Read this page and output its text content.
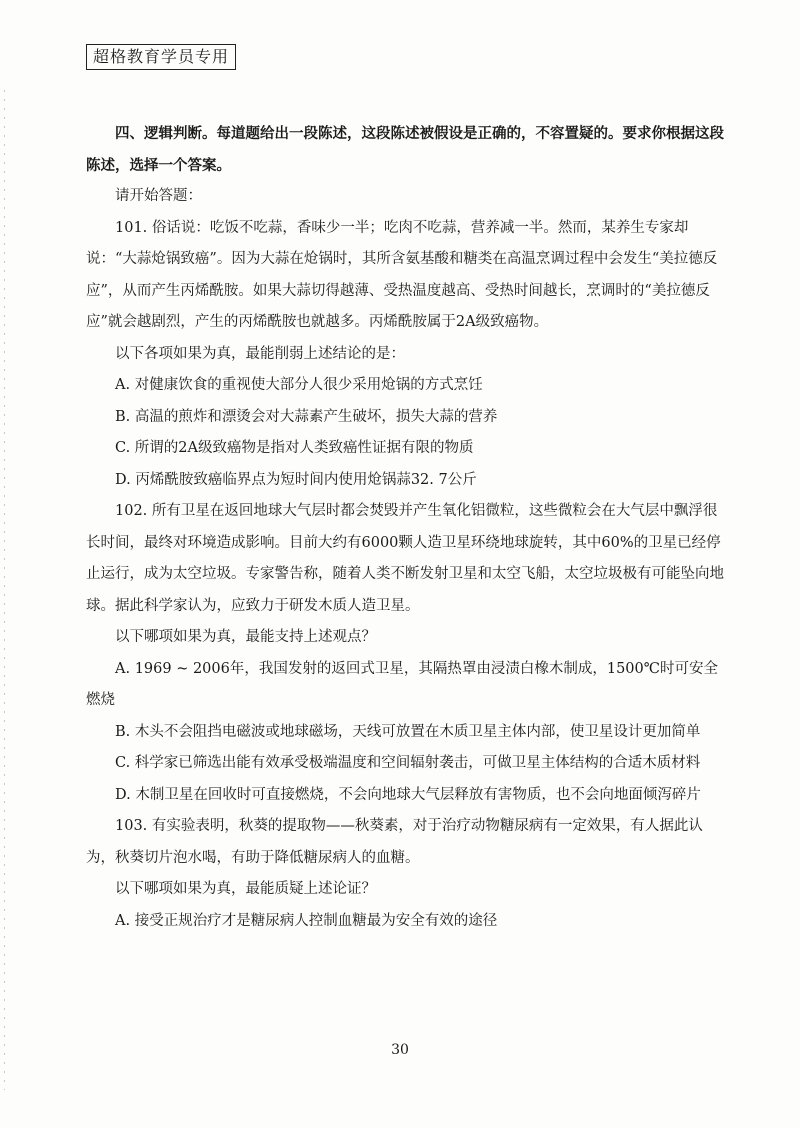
超格教育学员专用

四、逻辑判断。每道题给出一段陈述，这段陈述被假设是正确的，不容置疑的。要求你根据这段陈述，选择一个答案。

请开始答题：

101. 俗话说：吃饭不吃蒜，香味少一半；吃肉不吃蒜，营养减一半。然而，某养生专家却说：“大蒜炝锅致癌”。因为大蒜在炝锅时，其所含氨基酸和糖类在高温烹调过程中会发生“美拉德反应”，从而产生丙烯酰胺。如果大蒜切得越薄、受热温度越高、受热时间越长，烹调时的“美拉德反应”就会越剧烈，产生的丙烯酰胺也就越多。丙烯酰胺属于2A级致癌物。

以下各项如果为真，最能削弱上述结论的是：

A. 对健康饮食的重视使大部分人很少采用炝锅的方式烹饪

B. 高温的煎炸和漂烫会对大蒜素产生破坏，损失大蒜的营养

C. 所谓的2A级致癌物是指对人类致癌性证据有限的物质

D. 丙烯酰胺致癌临界点为短时间内使用炝锅蒜32. 7公斤

102. 所有卫星在返回地球大气层时都会焚毁并产生氧化铝微粒，这些微粒会在大气层中飘浮很长时间，最终对环境造成影响。目前大约有6000颗人造卫星环绕地球旋转，其中60%的卫星已经停止运行，成为太空垃圾。专家警告称，随着人类不断发射卫星和太空飞船，太空垃圾极有可能坠向地球。据此科学家认为，应致力于研发木质人造卫星。

以下哪项如果为真，最能支持上述观点？

A. 1969 ~ 2006年，我国发射的返回式卫星，其隔热罩由浸渍白橡木制成，1500℃时可安全燃烧

B. 木头不会阻挡电磁波或地球磁场，天线可放置在木质卫星主体内部，使卫星设计更加简单

C. 科学家已筛选出能有效承受极端温度和空间辐射袭击，可做卫星主体结构的合适木质材料

D. 木制卫星在回收时可直接燃烧，不会向地球大气层释放有害物质，也不会向地面倾泻碎片

103. 有实验表明，秋葵的提取物——秋葵素，对于治疗动物糖尿病有一定效果，有人据此认为，秋葵切片泡水喝，有助于降低糖尿病人的血糖。

以下哪项如果为真，最能质疑上述论证？

A. 接受正规治疗才是糖尿病人控制血糖最为安全有效的途径

30
